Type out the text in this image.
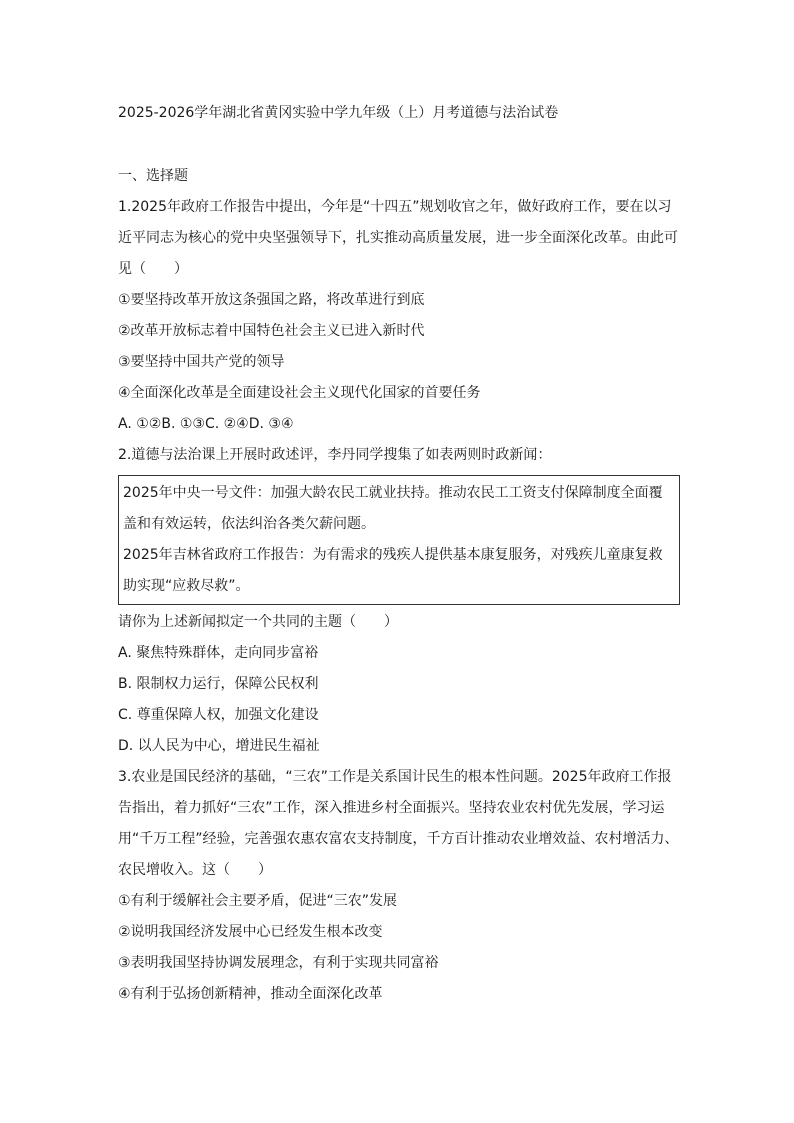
2025-2026学年湖北省黄冈实验中学九年级（上）月考道德与法治试卷
一、选择题

1.2025年政府工作报告中提出，今年是“十四五”规划收官之年，做好政府工作，要在以习近平同志为核心的党中央坚强领导下，扎实推动高质量发展，进一步全面深化改革。由此可见（　　）

①要坚持改革开放这条强国之路，将改革进行到底

②改革开放标志着中国特色社会主义已进入新时代

③要坚持中国共产党的领导

④全面深化改革是全面建设社会主义现代化国家的首要任务

A. ①②B. ①③C. ②④D. ③④

2.道德与法治课上开展时政述评，李丹同学搜集了如表两则时政新闻：

2025年中央一号文件：加强大龄农民工就业扶持。推动农民工工资支付保障制度全面覆盖和有效运转，依法纠治各类欠薪问题。

2025年吉林省政府工作报告：为有需求的残疾人提供基本康复服务，对残疾儿童康复救助实现“应救尽救”。

请你为上述新闻拟定一个共同的主题（　　）

A. 聚焦特殊群体，走向同步富裕

B. 限制权力运行，保障公民权利

C. 尊重保障人权，加强文化建设

D. 以人民为中心，增进民生福祉

3.农业是国民经济的基础，“三农”工作是关系国计民生的根本性问题。2025年政府工作报告指出，着力抓好“三农”工作，深入推进乡村全面振兴。坚持农业农村优先发展，学习运用“千万工程”经验，完善强农惠农富农支持制度，千方百计推动农业增效益、农村增活力、农民增收入。这（　　）

①有利于缓解社会主要矛盾，促进“三农”发展

②说明我国经济发展中心已经发生根本改变

③表明我国坚持协调发展理念，有利于实现共同富裕

④有利于弘扬创新精神，推动全面深化改革
